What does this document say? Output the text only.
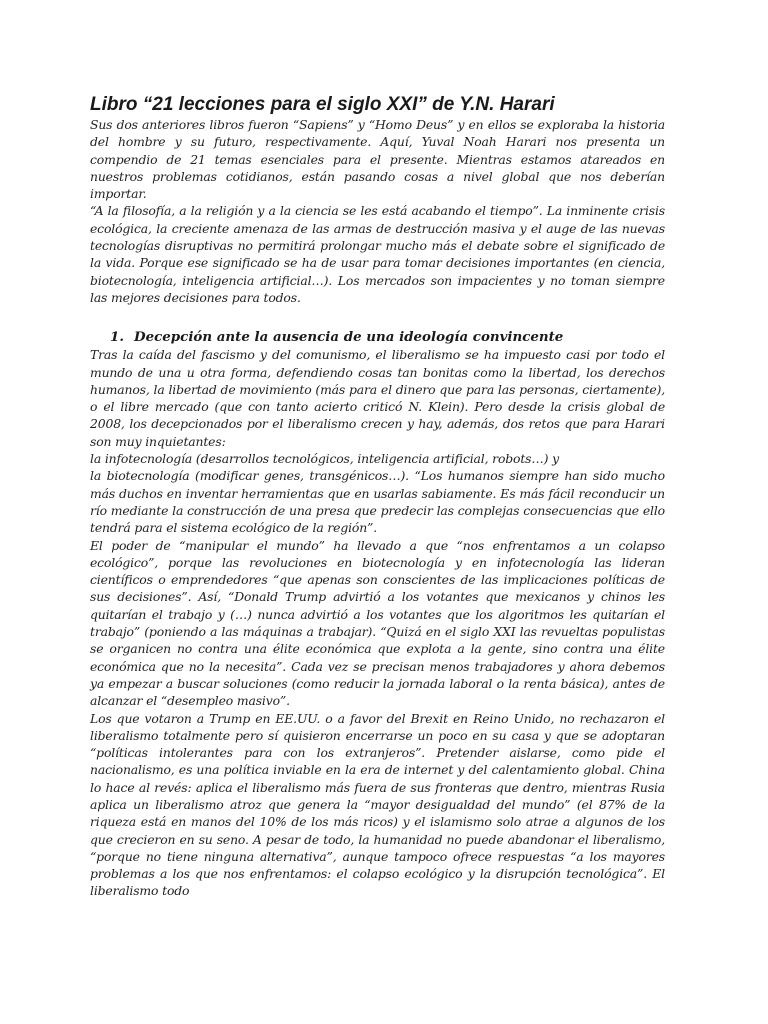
Libro “21 lecciones para el siglo XXI” de Y.N. Harari

Sus dos anteriores libros fueron “Sapiens” y “Homo Deus” y en ellos se exploraba la historia del hombre y su futuro, respectivamente. Aquí, Yuval Noah Harari nos presenta un compendio de 21 temas esenciales para el presente. Mientras estamos atareados en nuestros problemas cotidianos, están pasando cosas a nivel global que nos deberían importar.

“A la filosofía, a la religión y a la ciencia se les está acabando el tiempo”. La inminente crisis ecológica, la creciente amenaza de las armas de destrucción masiva y el auge de las nuevas tecnologías disruptivas no permitirá prolongar mucho más el debate sobre el significado de la vida. Porque ese significado se ha de usar para tomar decisiones importantes (en ciencia, biotecnología, inteligencia artificial…). Los mercados son impacientes y no toman siempre las mejores decisiones para todos.

1. Decepción ante la ausencia de una ideología convincente

Tras la caída del fascismo y del comunismo, el liberalismo se ha impuesto casi por todo el mundo de una u otra forma, defendiendo cosas tan bonitas como la libertad, los derechos humanos, la libertad de movimiento (más para el dinero que para las personas, ciertamente), o el libre mercado (que con tanto acierto criticó N. Klein). Pero desde la crisis global de 2008, los decepcionados por el liberalismo crecen y hay, además, dos retos que para Harari son muy inquietantes:

la infotecnología (desarrollos tecnológicos, inteligencia artificial, robots…) y

la biotecnología (modificar genes, transgénicos…). “Los humanos siempre han sido mucho más duchos en inventar herramientas que en usarlas sabiamente. Es más fácil reconducir un río mediante la construcción de una presa que predecir las complejas consecuencias que ello tendrá para el sistema ecológico de la región”.

El poder de “manipular el mundo” ha llevado a que “nos enfrentamos a un colapso ecológico”, porque las revoluciones en biotecnología y en infotecnología las lideran científicos o emprendedores “que apenas son conscientes de las implicaciones políticas de sus decisiones”. Así, “Donald Trump advirtió a los votantes que mexicanos y chinos les quitarían el trabajo y (…) nunca advirtió a los votantes que los algoritmos les quitarían el trabajo” (poniendo a las máquinas a trabajar). “Quizá en el siglo XXI las revueltas populistas se organicen no contra una élite económica que explota a la gente, sino contra una élite económica que no la necesita”. Cada vez se precisan menos trabajadores y ahora debemos ya empezar a buscar soluciones (como reducir la jornada laboral o la renta básica), antes de alcanzar el “desempleo masivo”.

Los que votaron a Trump en EE.UU. o a favor del Brexit en Reino Unido, no rechazaron el liberalismo totalmente pero sí quisieron encerrarse un poco en su casa y que se adoptaran “políticas intolerantes para con los extranjeros”. Pretender aislarse, como pide el nacionalismo, es una política inviable en la era de internet y del calentamiento global. China lo hace al revés: aplica el liberalismo más fuera de sus fronteras que dentro, mientras Rusia aplica un liberalismo atroz que genera la “mayor desigualdad del mundo” (el 87% de la riqueza está en manos del 10% de los más ricos) y el islamismo solo atrae a algunos de los que crecieron en su seno. A pesar de todo, la humanidad no puede abandonar el liberalismo, “porque no tiene ninguna alternativa”, aunque tampoco ofrece respuestas “a los mayores problemas a los que nos enfrentamos: el colapso ecológico y la disrupción tecnológica”. El liberalismo todo
